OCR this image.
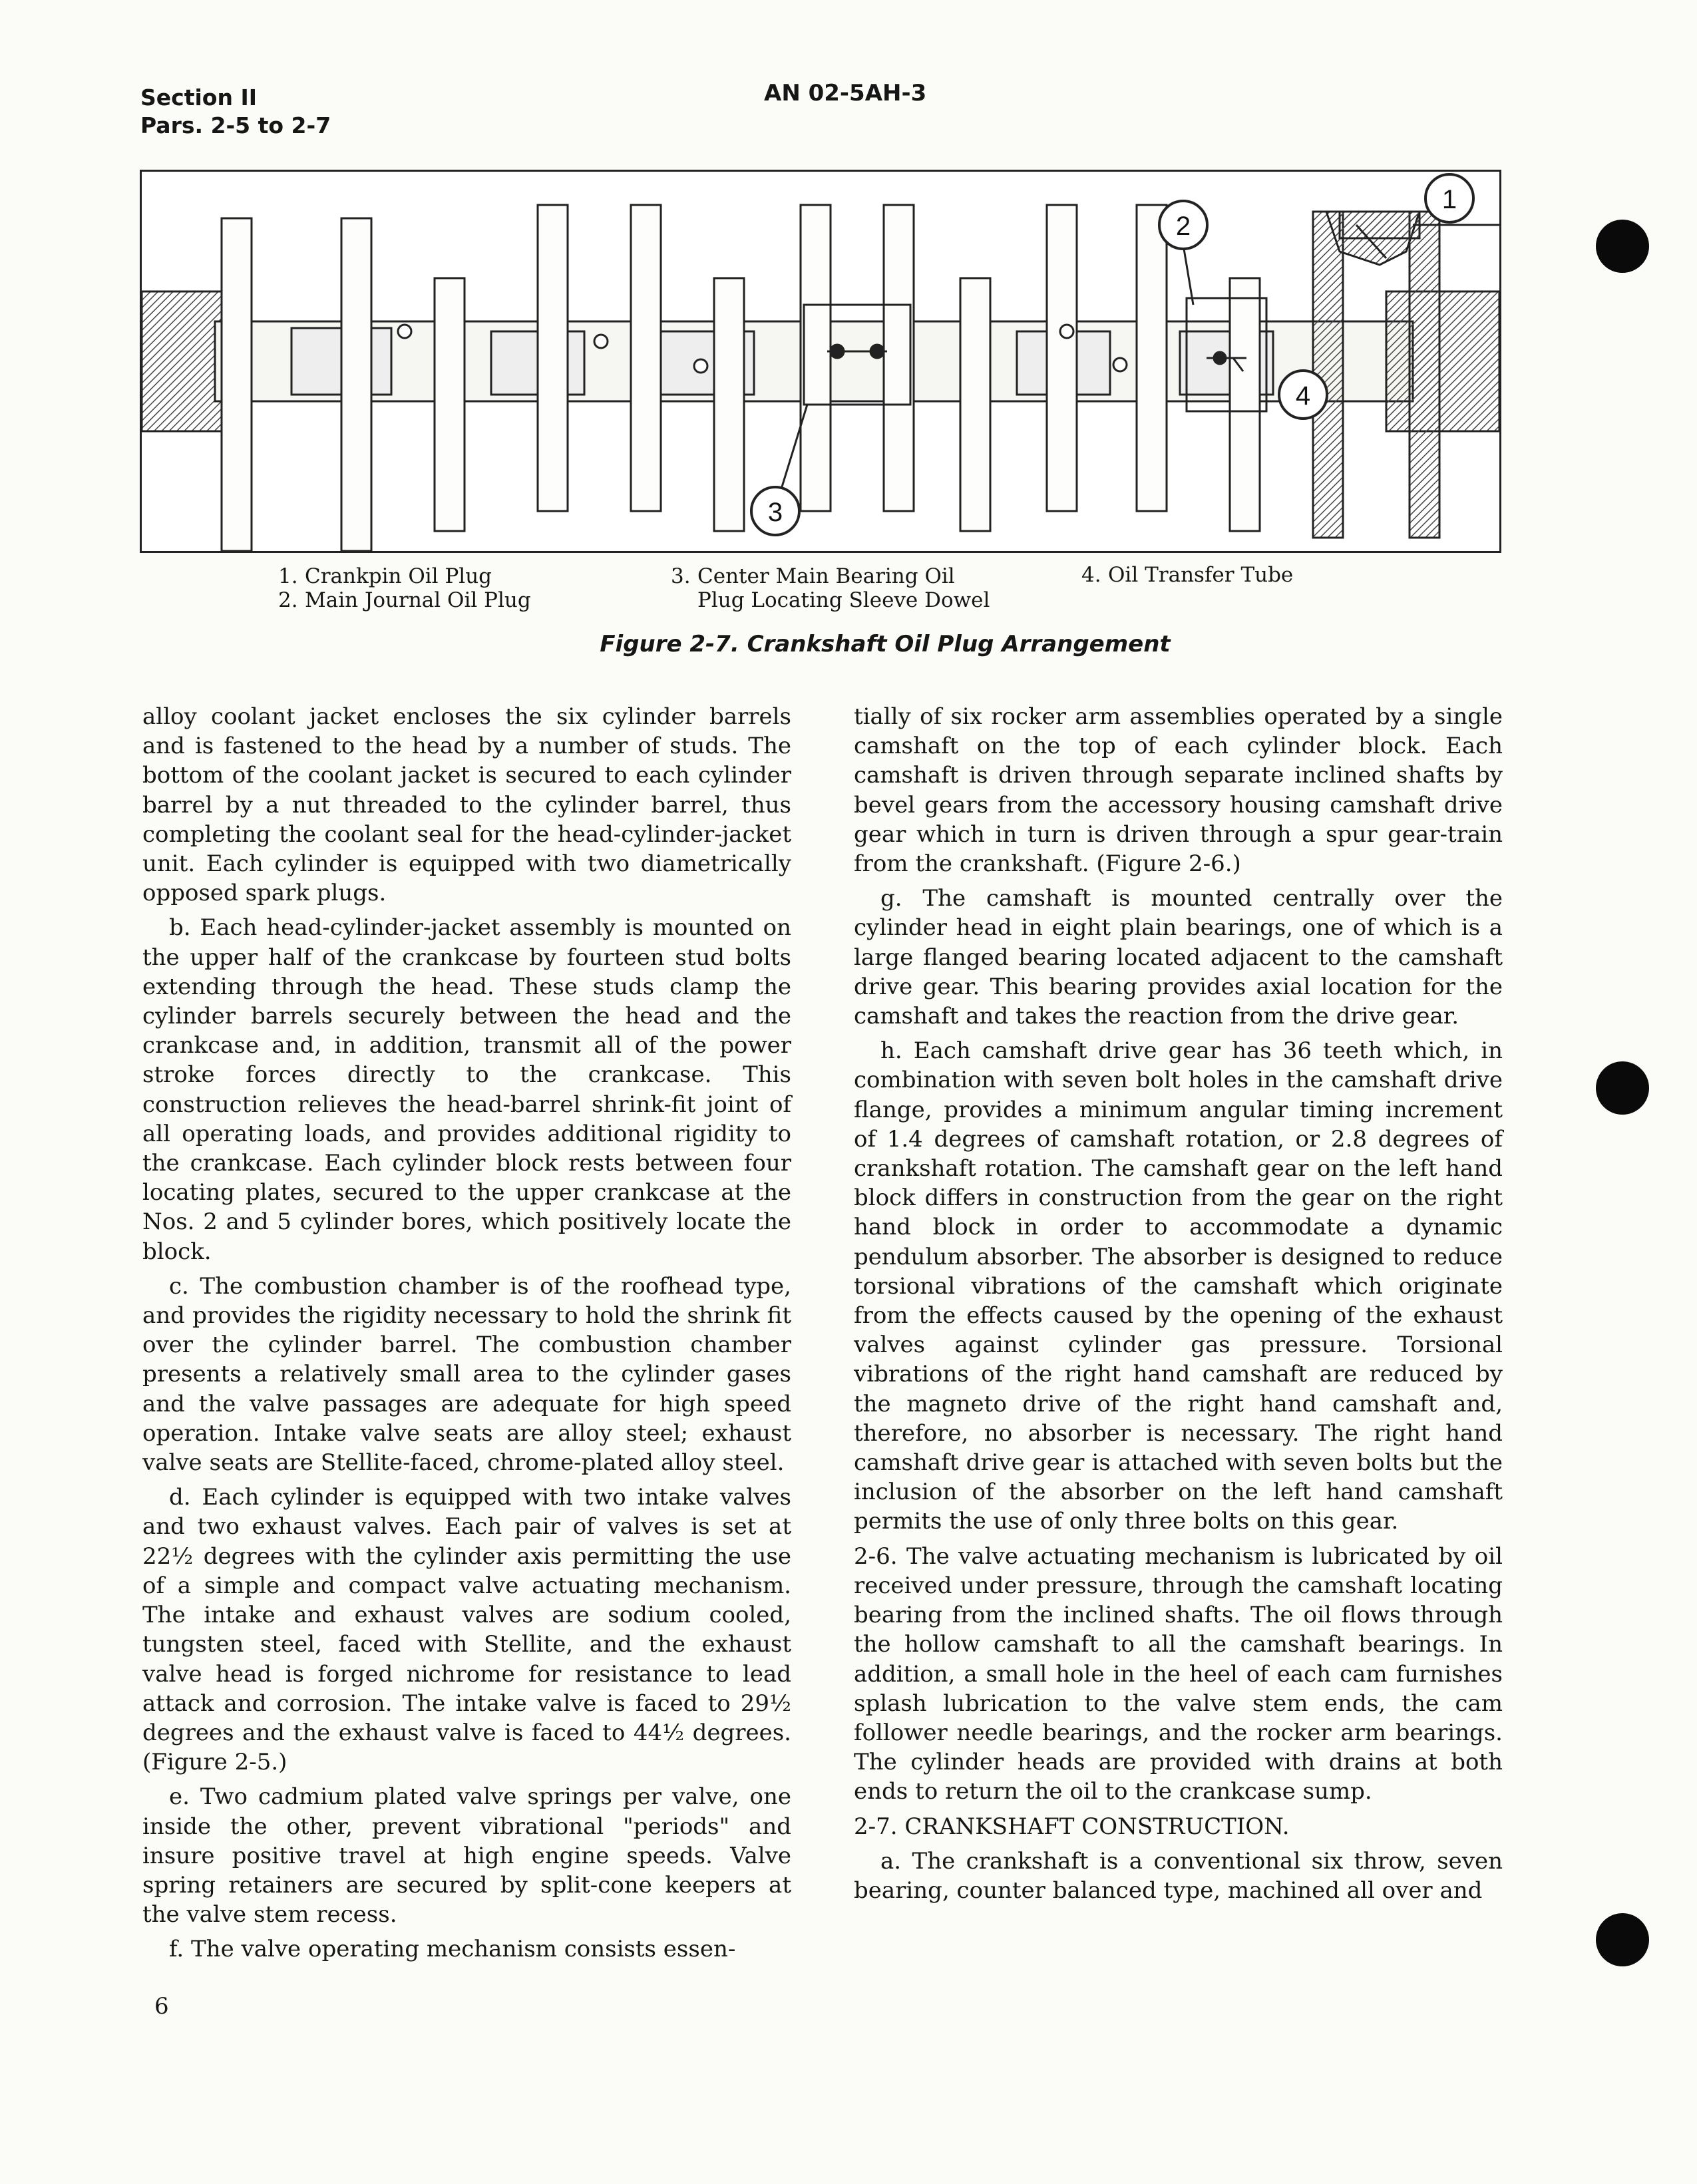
Section II
Pars. 2-5 to 2-7
AN 02-5AH-3
1
2
3
4
1. Crankpin Oil Plug
2. Main Journal Oil Plug
3. Center Main Bearing Oil
Plug Locating Sleeve Dowel
4. Oil Transfer Tube
Figure 2-7. Crankshaft Oil Plug Arrangement

alloy coolant jacket encloses the six cylinder barrels and is fastened to the head by a number of studs. The bottom of the coolant jacket is secured to each cylinder barrel by a nut threaded to the cylinder barrel, thus completing the coolant seal for the head-cylinder-jacket unit. Each cylinder is equipped with two diametrically opposed spark plugs.

b. Each head-cylinder-jacket assembly is mounted on the upper half of the crankcase by fourteen stud bolts extending through the head. These studs clamp the cylinder barrels securely between the head and the crankcase and, in addition, transmit all of the power stroke forces directly to the crankcase. This construction relieves the head-barrel shrink-fit joint of all operating loads, and provides additional rigidity to the crankcase. Each cylinder block rests between four locating plates, secured to the upper crankcase at the Nos. 2 and 5 cylinder bores, which positively locate the block.

c. The combustion chamber is of the roofhead type, and provides the rigidity necessary to hold the shrink fit over the cylinder barrel. The combustion chamber presents a relatively small area to the cylinder gases and the valve passages are adequate for high speed operation. Intake valve seats are alloy steel; exhaust valve seats are Stellite-faced, chrome-plated alloy steel.

d. Each cylinder is equipped with two intake valves and two exhaust valves. Each pair of valves is set at 22½ degrees with the cylinder axis permitting the use of a simple and compact valve actuating mechanism. The intake and exhaust valves are sodium cooled, tungsten steel, faced with Stellite, and the exhaust valve head is forged nichrome for resistance to lead attack and corrosion. The intake valve is faced to 29½ degrees and the exhaust valve is faced to 44½ degrees. (Figure 2-5.)

e. Two cadmium plated valve springs per valve, one inside the other, prevent vibrational "periods" and insure positive travel at high engine speeds. Valve spring retainers are secured by split-cone keepers at the valve stem recess.

f. The valve operating mechanism consists essen-

tially of six rocker arm assemblies operated by a single camshaft on the top of each cylinder block. Each camshaft is driven through separate inclined shafts by bevel gears from the accessory housing camshaft drive gear which in turn is driven through a spur gear-train from the crankshaft. (Figure 2-6.)

g. The camshaft is mounted centrally over the cylinder head in eight plain bearings, one of which is a large flanged bearing located adjacent to the camshaft drive gear. This bearing provides axial location for the camshaft and takes the reaction from the drive gear.

h. Each camshaft drive gear has 36 teeth which, in combination with seven bolt holes in the camshaft drive flange, provides a minimum angular timing increment of 1.4 degrees of camshaft rotation, or 2.8 degrees of crankshaft rotation. The camshaft gear on the left hand block differs in construction from the gear on the right hand block in order to accommodate a dynamic pendulum absorber. The absorber is designed to reduce torsional vibrations of the camshaft which originate from the effects caused by the opening of the exhaust valves against cylinder gas pressure. Torsional vibrations of the right hand camshaft are reduced by the magneto drive of the right hand camshaft and, therefore, no absorber is necessary. The right hand camshaft drive gear is attached with seven bolts but the inclusion of the absorber on the left hand camshaft permits the use of only three bolts on this gear.

2-6. The valve actuating mechanism is lubricated by oil received under pressure, through the camshaft locating bearing from the inclined shafts. The oil flows through the hollow camshaft to all the camshaft bearings. In addition, a small hole in the heel of each cam furnishes splash lubrication to the valve stem ends, the cam follower needle bearings, and the rocker arm bearings. The cylinder heads are provided with drains at both ends to return the oil to the crankcase sump.

2-7. CRANKSHAFT CONSTRUCTION.

a. The crankshaft is a conventional six throw, seven bearing, counter balanced type, machined all over and

6
